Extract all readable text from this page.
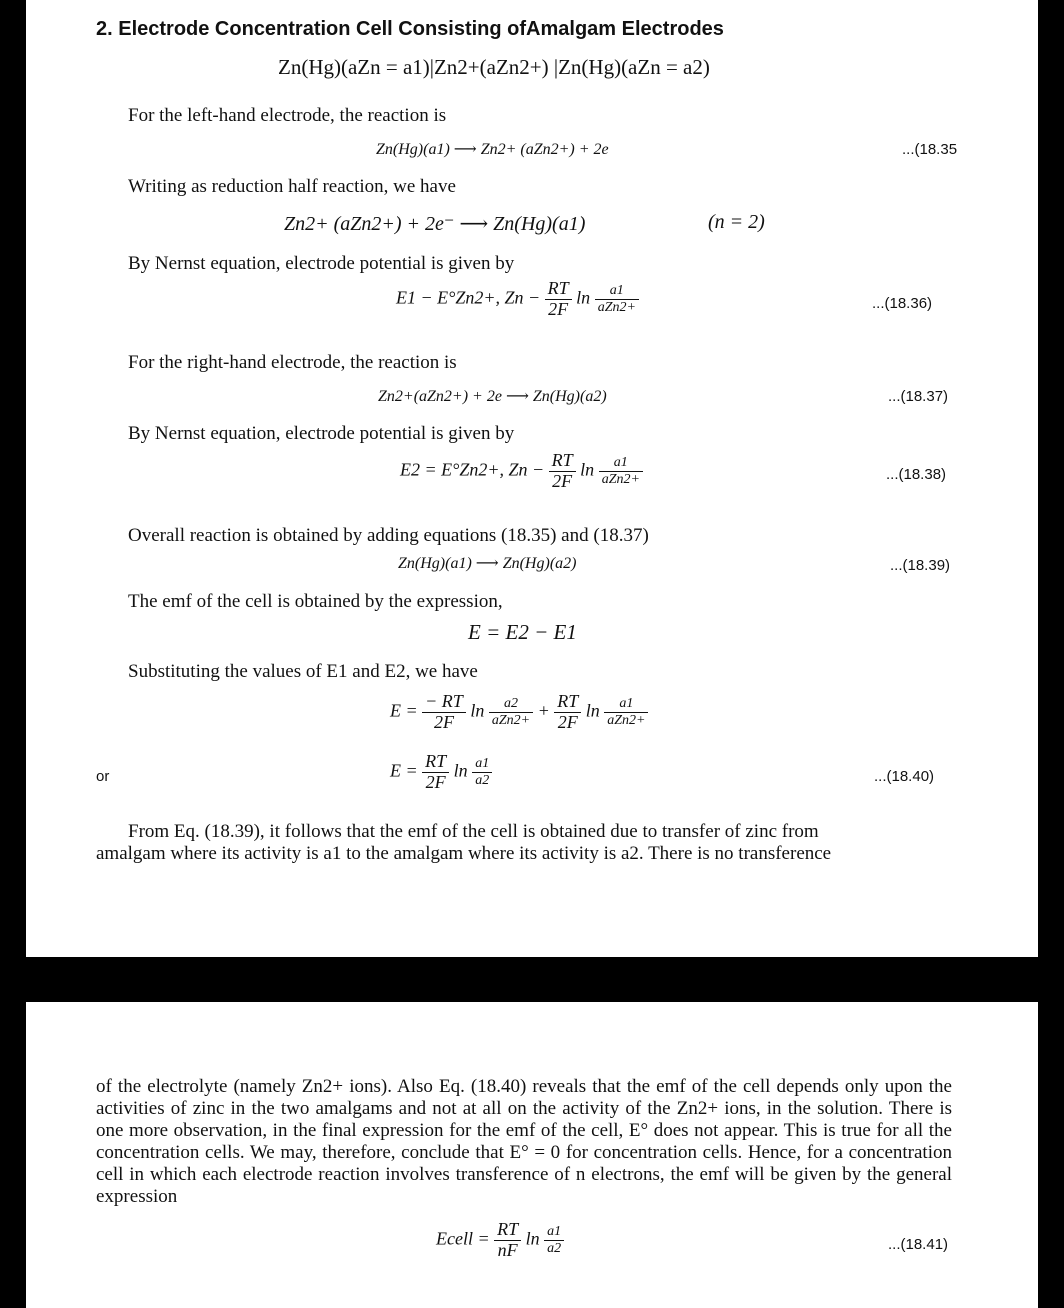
2. Electrode Concentration Cell Consisting ofAmalgam Electrodes
Zn(Hg)(aZn = a1)|Zn2+(aZn2+) |Zn(Hg)(aZn = a2)
For the left-hand electrode, the reaction is
Zn(Hg)(a1) ⟶ Zn2+ (aZn2+) + 2e	...(18.35
Writing as reduction half reaction, we have
Zn2+ (aZn2+) + 2e⁻ ⟶ Zn(Hg)(a1)	(n = 2)
By Nernst equation, electrode potential is given by
E1 − E°Zn2+, $Zn - \frac{RT}{2F}$ $\ln \frac{a1}{\text{aZn2+}}$	...(18.36)
For the right-hand electrode, the reaction is
Zn2+(aZn2+) + 2e ⟶ Zn(Hg)(a2)	...(18.37)
By Nernst equation, electrode potential is given by
E2 = E°Zn2+, $Zn - \frac{RT}{2F}$ $\ln \frac{a1}{\text{aZn2+}}$	...(18.38)
Overall reaction is obtained by adding equations (18.35) and (18.37)
Zn(Hg)(a1) ⟶ Zn(Hg)(a2)	...(18.39)
The emf of the cell is obtained by the expression,
E = E2 − E1
Substituting the values of E1 and E2, we have
$E = \frac{- RT}{2F}$ $\ln \frac{a2}{\text{aZn2+}} + \frac{RT}{2F}$ $\ln \frac{a1}{\text{aZn2+}}$
or	$E = \frac{RT}{2F}$ $\ln \frac{a1}{a2}$	...(18.40)
From Eq. (18.39), it follows that the emf of the cell is obtained due to transfer of zinc from
amalgam where its activity is a1 to the amalgam where its activity is a2. There is no transference
of the electrolyte (namely Zn2+ ions). Also Eq. (18.40) reveals that the emf of the cell depends only upon the activities of zinc in the two amalgams and not at all on the activity of the Zn2+ ions, in the solution. There is one more observation, in the final expression for the emf of the cell, E° does not appear. This is true for all the concentration cells. We may, therefore, conclude that E° = 0 for concentration cells. Hence, for a concentration cell in which each electrode reaction involves transference of n electrons, the emf will be given by the general expression
Ecell = $\frac{RT}{nF}$ $\ln \frac{a1}{a2}$	...(18.41)
